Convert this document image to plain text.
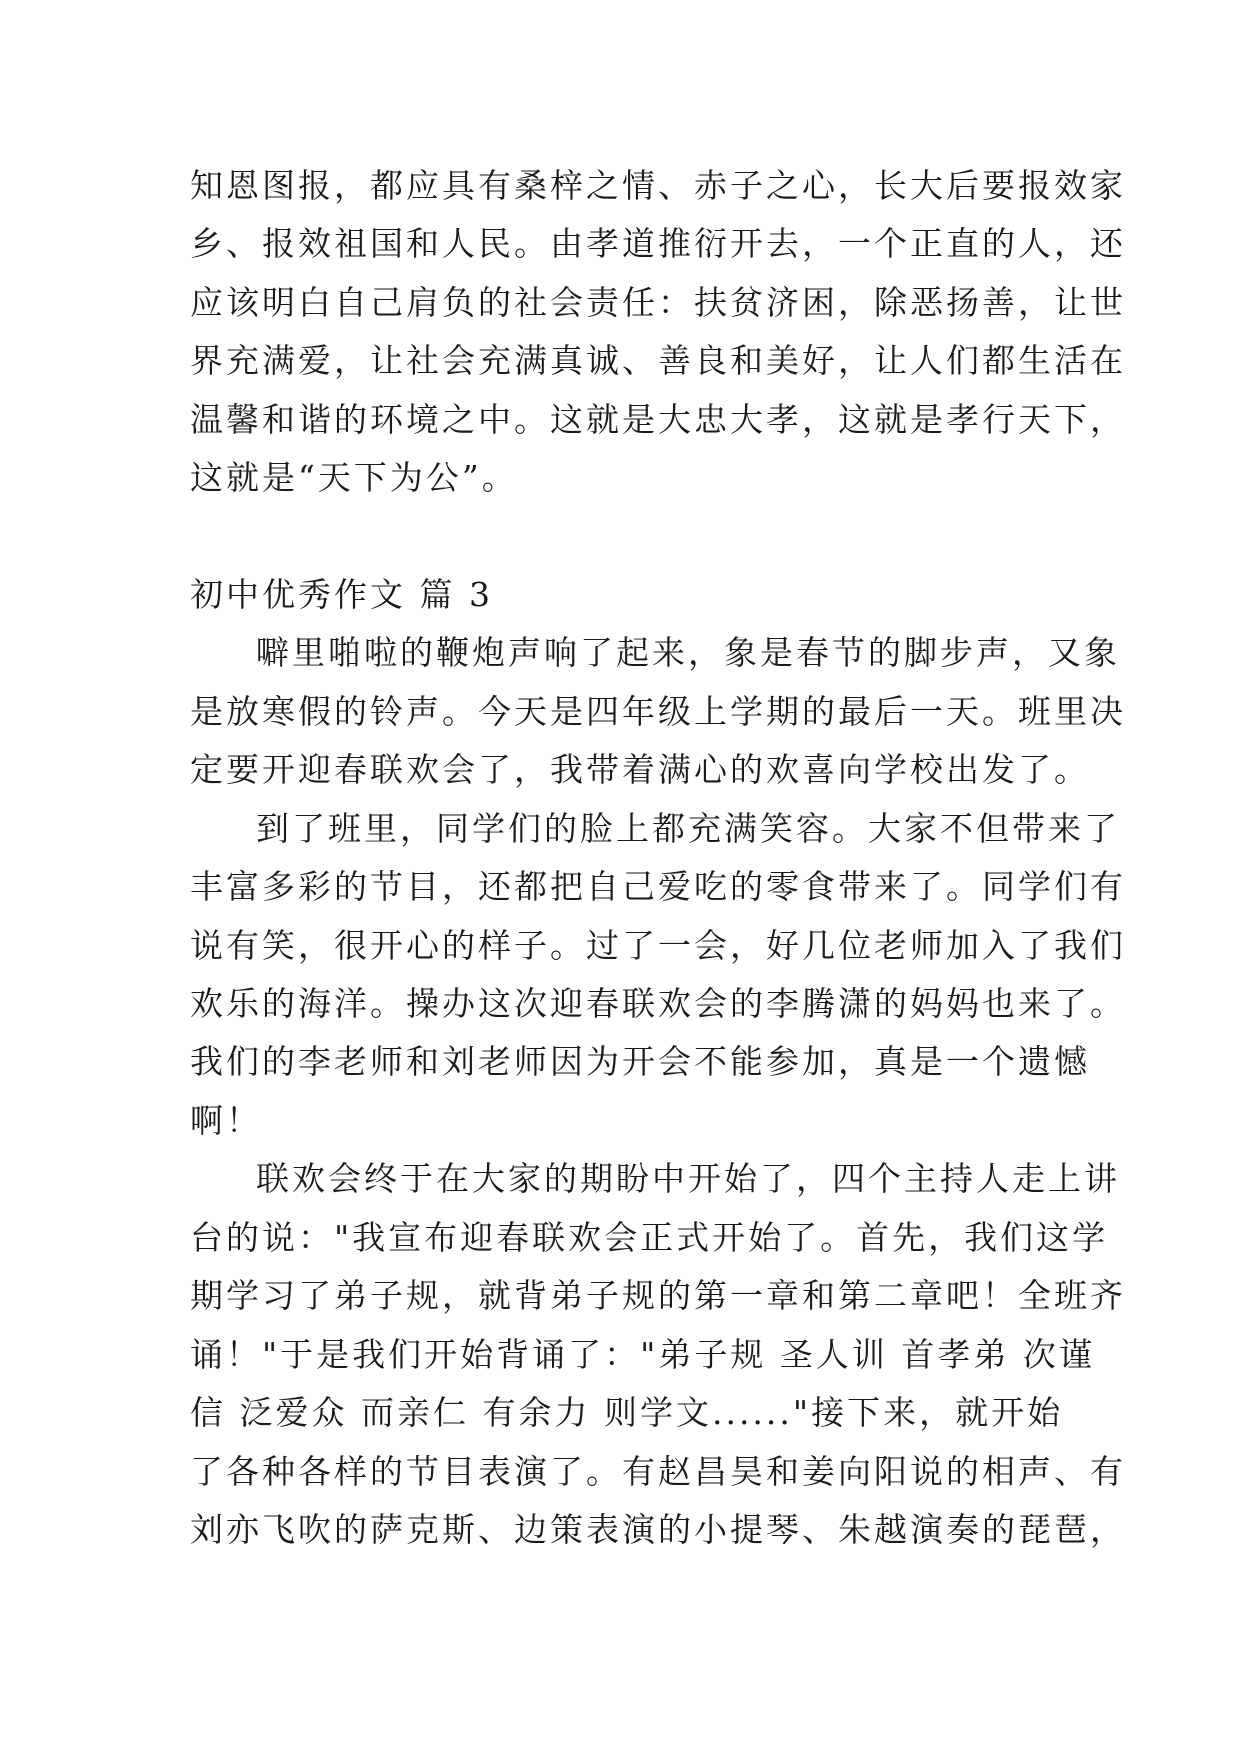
知恩图报，都应具有桑梓之情、赤子之心，长大后要报效家
乡、报效祖国和人民。由孝道推衍开去，一个正直的人，还
应该明白自己肩负的社会责任：扶贫济困，除恶扬善，让世
界充满爱，让社会充满真诚、善良和美好，让人们都生活在
温馨和谐的环境之中。这就是大忠大孝，这就是孝行天下，
这就是“天下为公”。
初中优秀作文 篇 3
噼里啪啦的鞭炮声响了起来，象是春节的脚步声，又象
是放寒假的铃声。今天是四年级上学期的最后一天。班里决
定要开迎春联欢会了，我带着满心的欢喜向学校出发了。
到了班里，同学们的脸上都充满笑容。大家不但带来了
丰富多彩的节目，还都把自己爱吃的零食带来了。同学们有
说有笑，很开心的样子。过了一会，好几位老师加入了我们
欢乐的海洋。操办这次迎春联欢会的李腾潇的妈妈也来了。
我们的李老师和刘老师因为开会不能参加，真是一个遗憾
啊！
联欢会终于在大家的期盼中开始了，四个主持人走上讲
台的说："我宣布迎春联欢会正式开始了。首先，我们这学
期学习了弟子规，就背弟子规的第一章和第二章吧！全班齐
诵！"于是我们开始背诵了："弟子规 圣人训 首孝弟 次谨
信 泛爱众 而亲仁 有余力 则学文......"接下来，就开始
了各种各样的节目表演了。有赵昌昊和姜向阳说的相声、有
刘亦飞吹的萨克斯、边策表演的小提琴、朱越演奏的琵琶，
